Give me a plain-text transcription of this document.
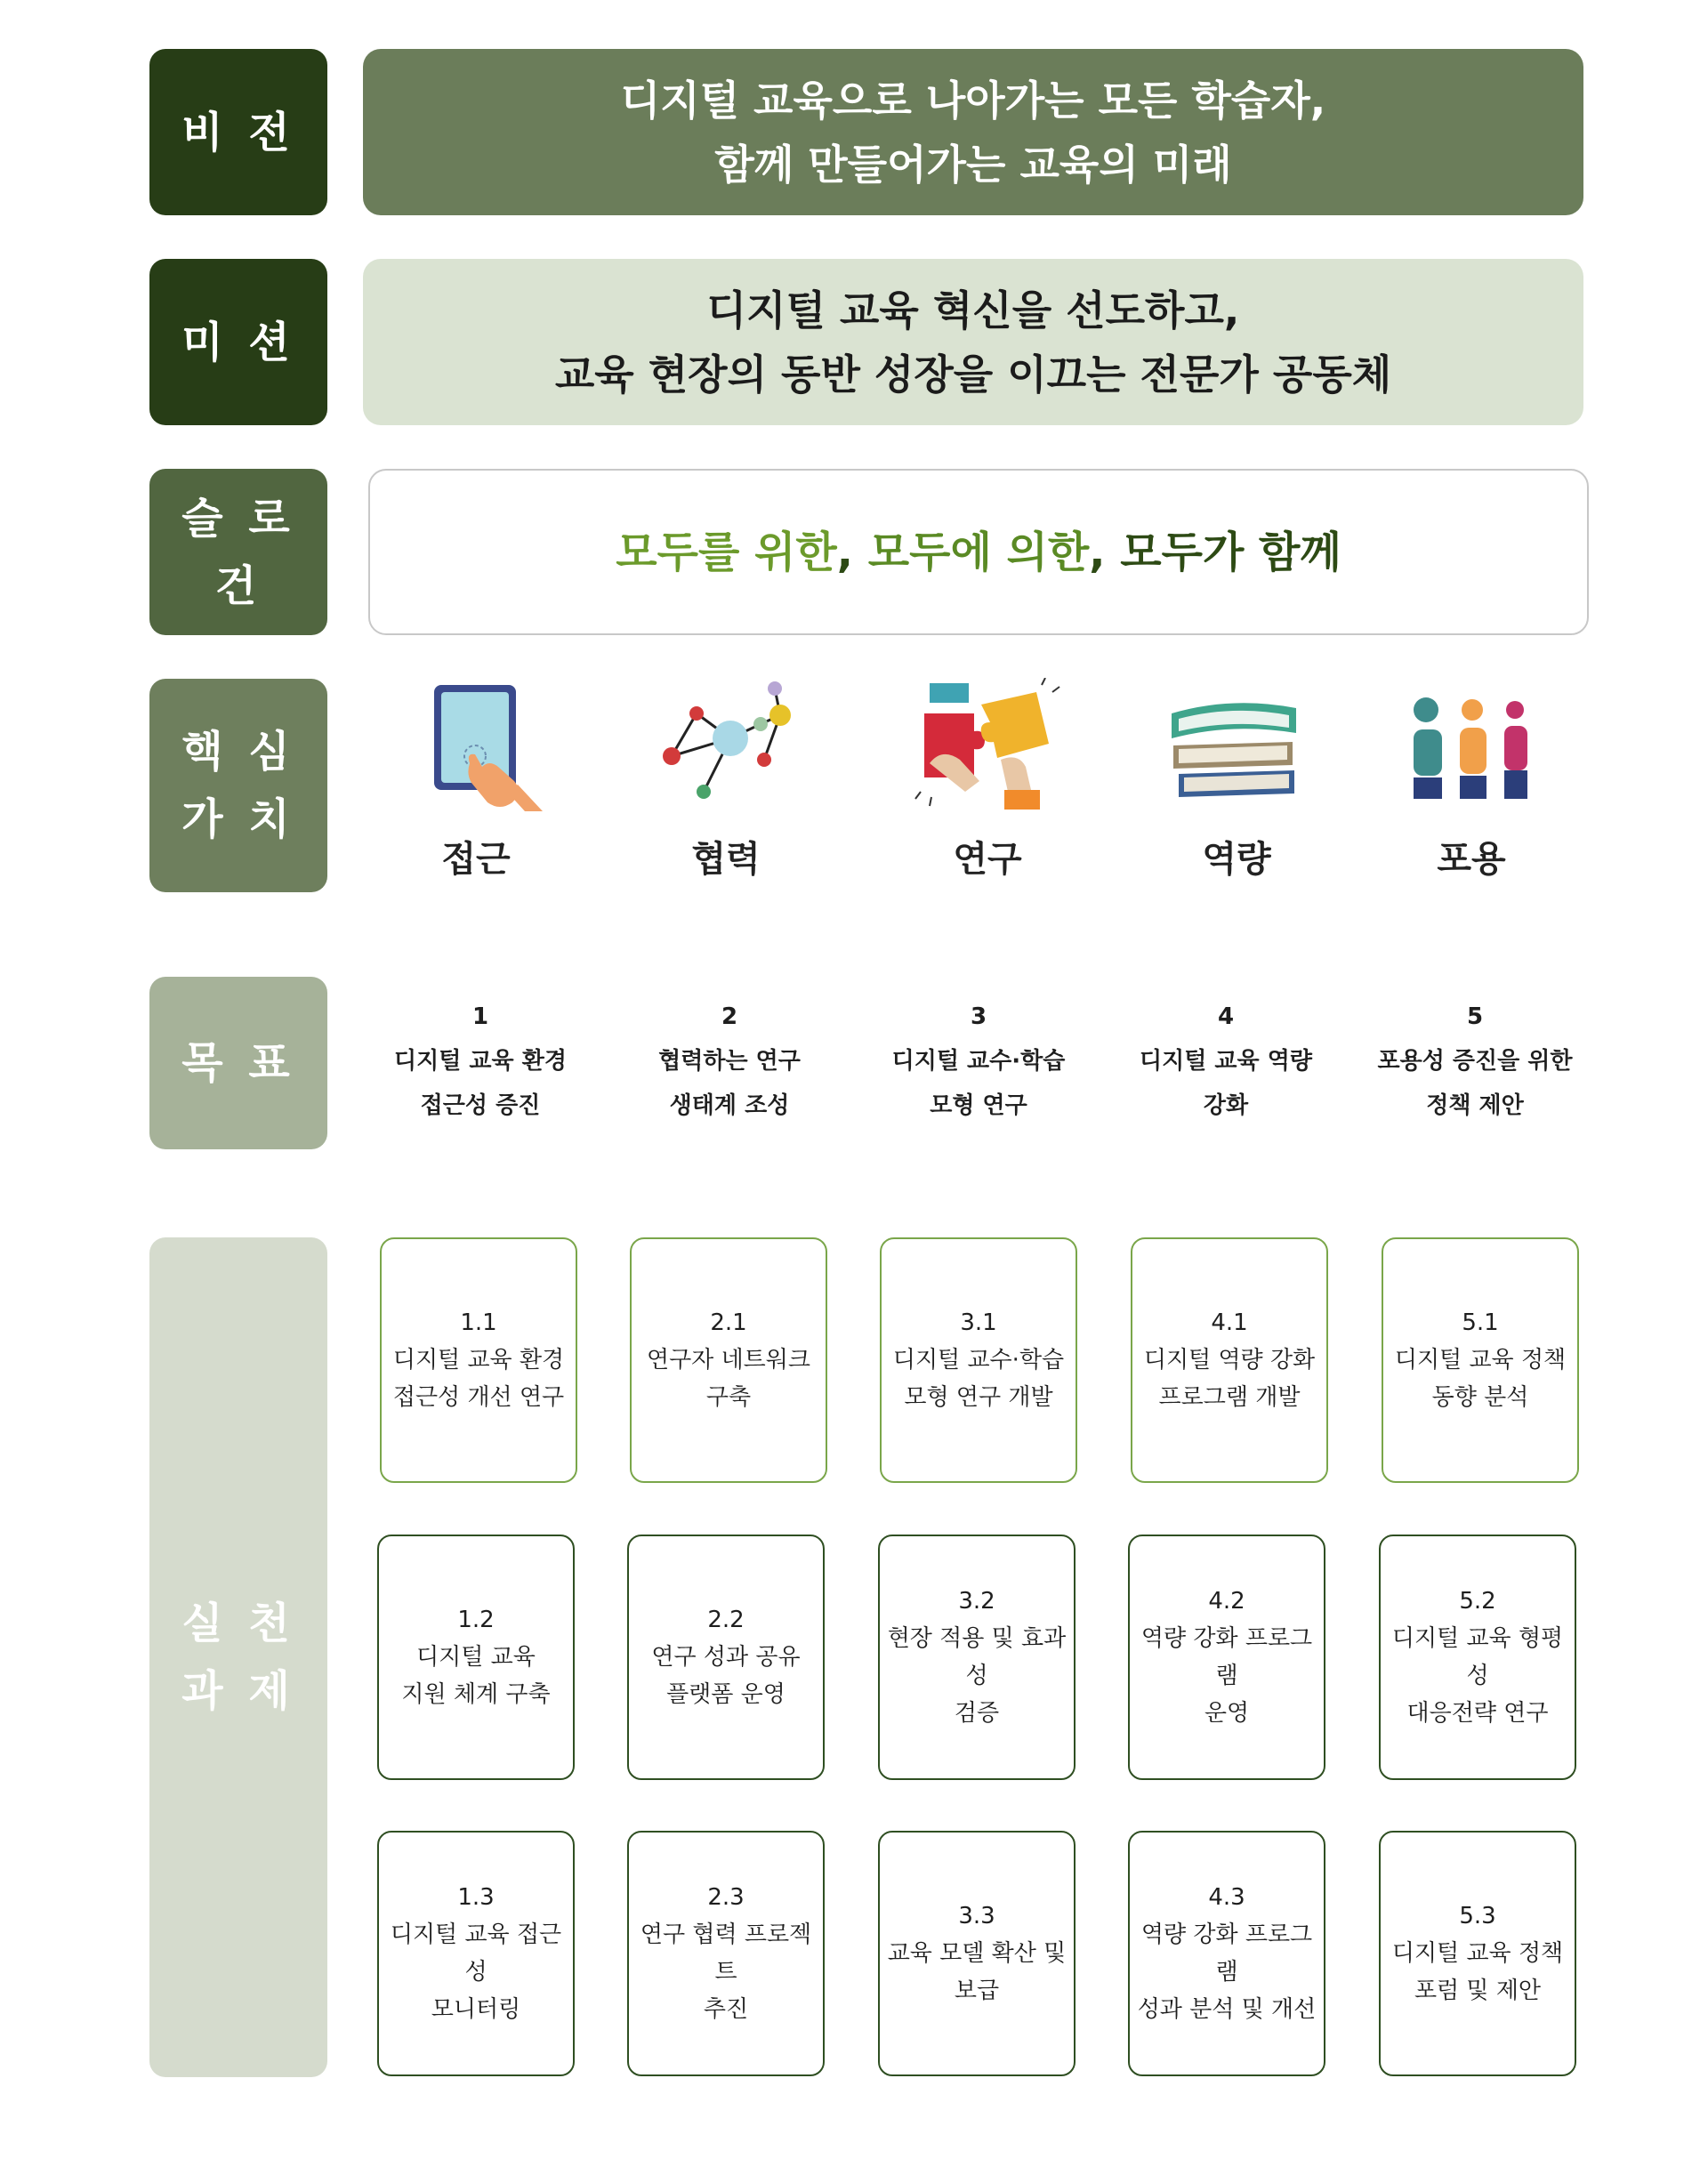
비 전
미 션
슬 로 건
핵 심
가 치
목 표
실 천
과 제
디지털 교육으로 나아가는 모든 학습자,
함께 만들어가는 교육의 미래
디지털 교육 혁신을 선도하고,
교육 현장의 동반 성장을 이끄는 전문가 공동체
모두를 위한, 모두에 의한, 모두가 함께
접근	협력	연구	역량	포용
1
디지털 교육 환경
접근성 증진
2
협력하는 연구
생태계 조성
3
디지털 교수·학습
모형 연구
4
디지털 교육 역량
강화
5
포용성 증진을 위한
정책 제안
1.1
디지털 교육 환경
접근성 개선 연구
2.1
연구자 네트워크
구축
3.1
디지털 교수·학습
모형 연구 개발
4.1
디지털 역량 강화
프로그램 개발
5.1
디지털 교육 정책
동향 분석
1.2
디지털 교육
지원 체계 구축
2.2
연구 성과 공유
플랫폼 운영
3.2
현장 적용 및 효과성
검증
4.2
역량 강화 프로그램
운영
5.2
디지털 교육 형평성
대응전략 연구
1.3
디지털 교육 접근성
모니터링
2.3
연구 협력 프로젝트
추진
3.3
교육 모델 확산 및
보급
4.3
역량 강화 프로그램
성과 분석 및 개선
5.3
디지털 교육 정책
포럼 및 제안
